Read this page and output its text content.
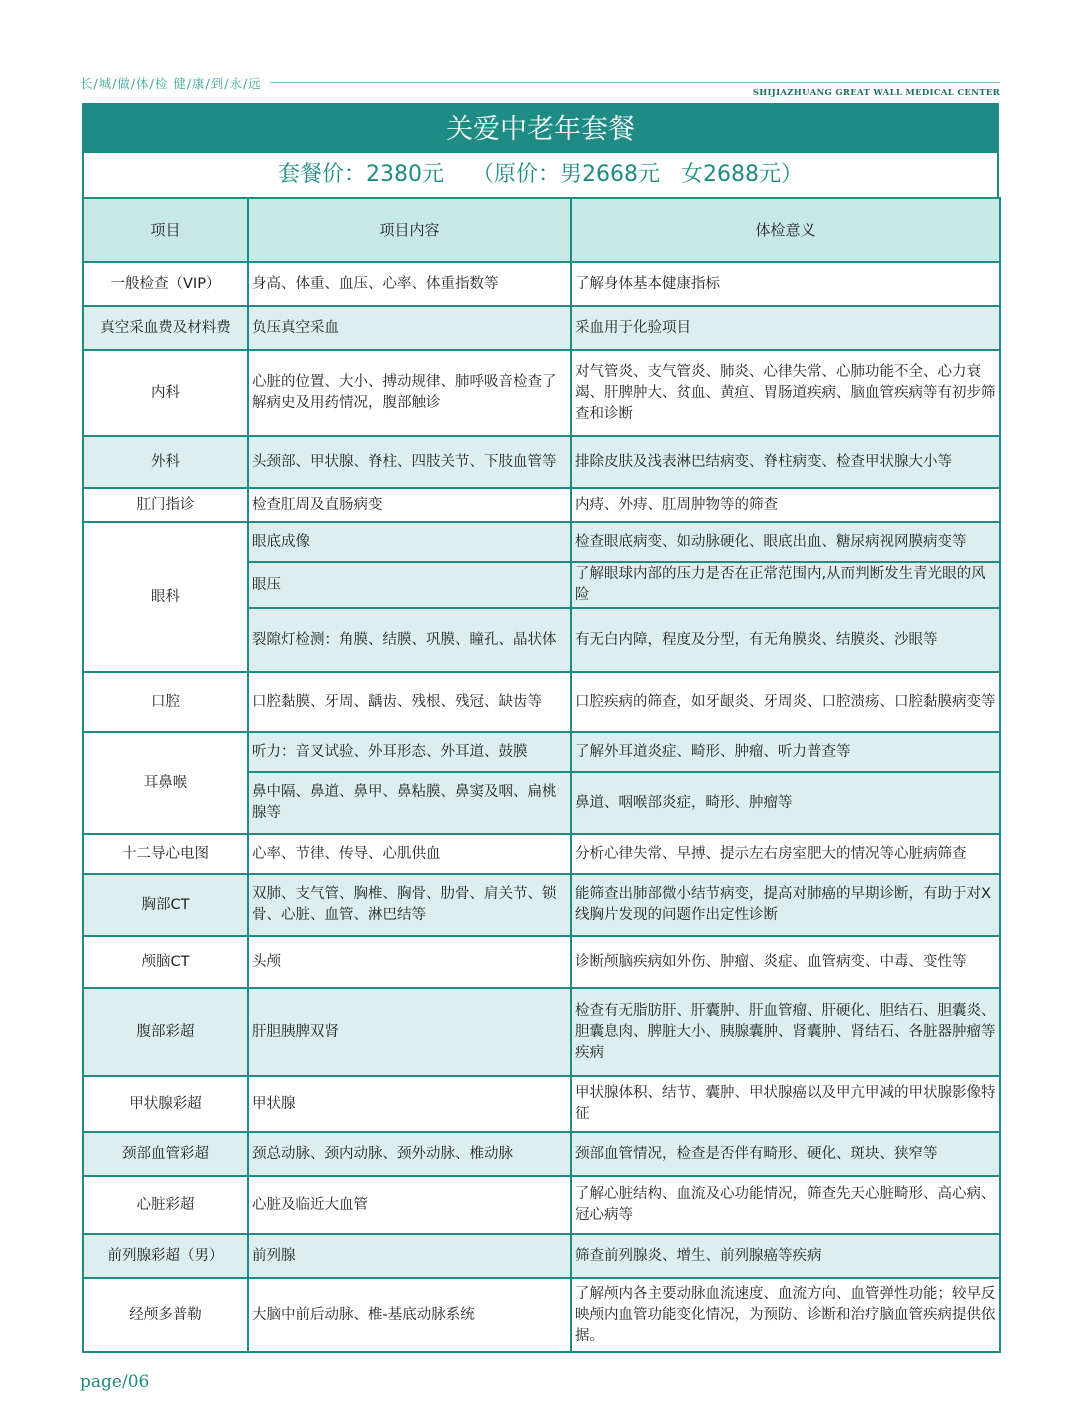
长/城/做/体/检 健/康/到/永/远
SHIJIAZHUANG GREAT WALL MEDICAL CENTER
关爱中老年套餐
套餐价：2380元    （原价：男2668元   女2688元）
项目	项目内容	体检意义
一般检查（VIP）	身高、体重、血压、心率、体重指数等	了解身体基本健康指标
真空采血费及材料费	负压真空采血	采血用于化验项目
内科	心脏的位置、大小、搏动规律、肺呼吸音检查了解病史及用药情况，腹部触诊	对气管炎、支气管炎、肺炎、心律失常、心肺功能不全、心力衰竭、肝脾肿大、贫血、黄疸、胃肠道疾病、脑血管疾病等有初步筛查和诊断
外科	头颈部、甲状腺、脊柱、四肢关节、下肢血管等	排除皮肤及浅表淋巴结病变、脊柱病变、检查甲状腺大小等
肛门指诊	检查肛周及直肠病变	内痔、外痔、肛周肿物等的筛查
眼科	眼底成像	检查眼底病变、如动脉硬化、眼底出血、糖尿病视网膜病变等
	眼压	了解眼球内部的压力是否在正常范围内,从而判断发生青光眼的风险
	裂隙灯检测：角膜、结膜、巩膜、瞳孔、晶状体	有无白内障，程度及分型，有无角膜炎、结膜炎、沙眼等
口腔	口腔黏膜、牙周、龋齿、残根、残冠、缺齿等	口腔疾病的筛查，如牙龈炎、牙周炎、口腔溃疡、口腔黏膜病变等
耳鼻喉	听力：音叉试验、外耳形态、外耳道、鼓膜	了解外耳道炎症、畸形、肿瘤、听力普查等
	鼻中隔、鼻道、鼻甲、鼻粘膜、鼻窦及咽、扁桃腺等	鼻道、咽喉部炎症，畸形、肿瘤等
十二导心电图	心率、节律、传导、心肌供血	分析心律失常、早搏、提示左右房室肥大的情况等心脏病筛查
胸部CT	双肺、支气管、胸椎、胸骨、肋骨、肩关节、锁骨、心脏、血管、淋巴结等	能筛查出肺部微小结节病变，提高对肺癌的早期诊断，有助于对X线胸片发现的问题作出定性诊断
颅脑CT	头颅	诊断颅脑疾病如外伤、肿瘤、炎症、血管病变、中毒、变性等
腹部彩超	肝胆胰脾双肾	检查有无脂肪肝、肝囊肿、肝血管瘤、肝硬化、胆结石、胆囊炎、胆囊息肉、脾脏大小、胰腺囊肿、肾囊肿、肾结石、各脏器肿瘤等疾病
甲状腺彩超	甲状腺	甲状腺体积、结节、囊肿、甲状腺癌以及甲亢甲减的甲状腺影像特征
颈部血管彩超	颈总动脉、颈内动脉、颈外动脉、椎动脉	颈部血管情况，检查是否伴有畸形、硬化、斑块、狭窄等
心脏彩超	心脏及临近大血管	了解心脏结构、血流及心功能情况，筛查先天心脏畸形、高心病、冠心病等
前列腺彩超（男）	前列腺	筛查前列腺炎、增生、前列腺癌等疾病
经颅多普勒	大脑中前后动脉、椎-基底动脉系统	了解颅内各主要动脉血流速度、血流方向、血管弹性功能；较早反映颅内血管功能变化情况，为预防、诊断和治疗脑血管疾病提供依据。
page/06
